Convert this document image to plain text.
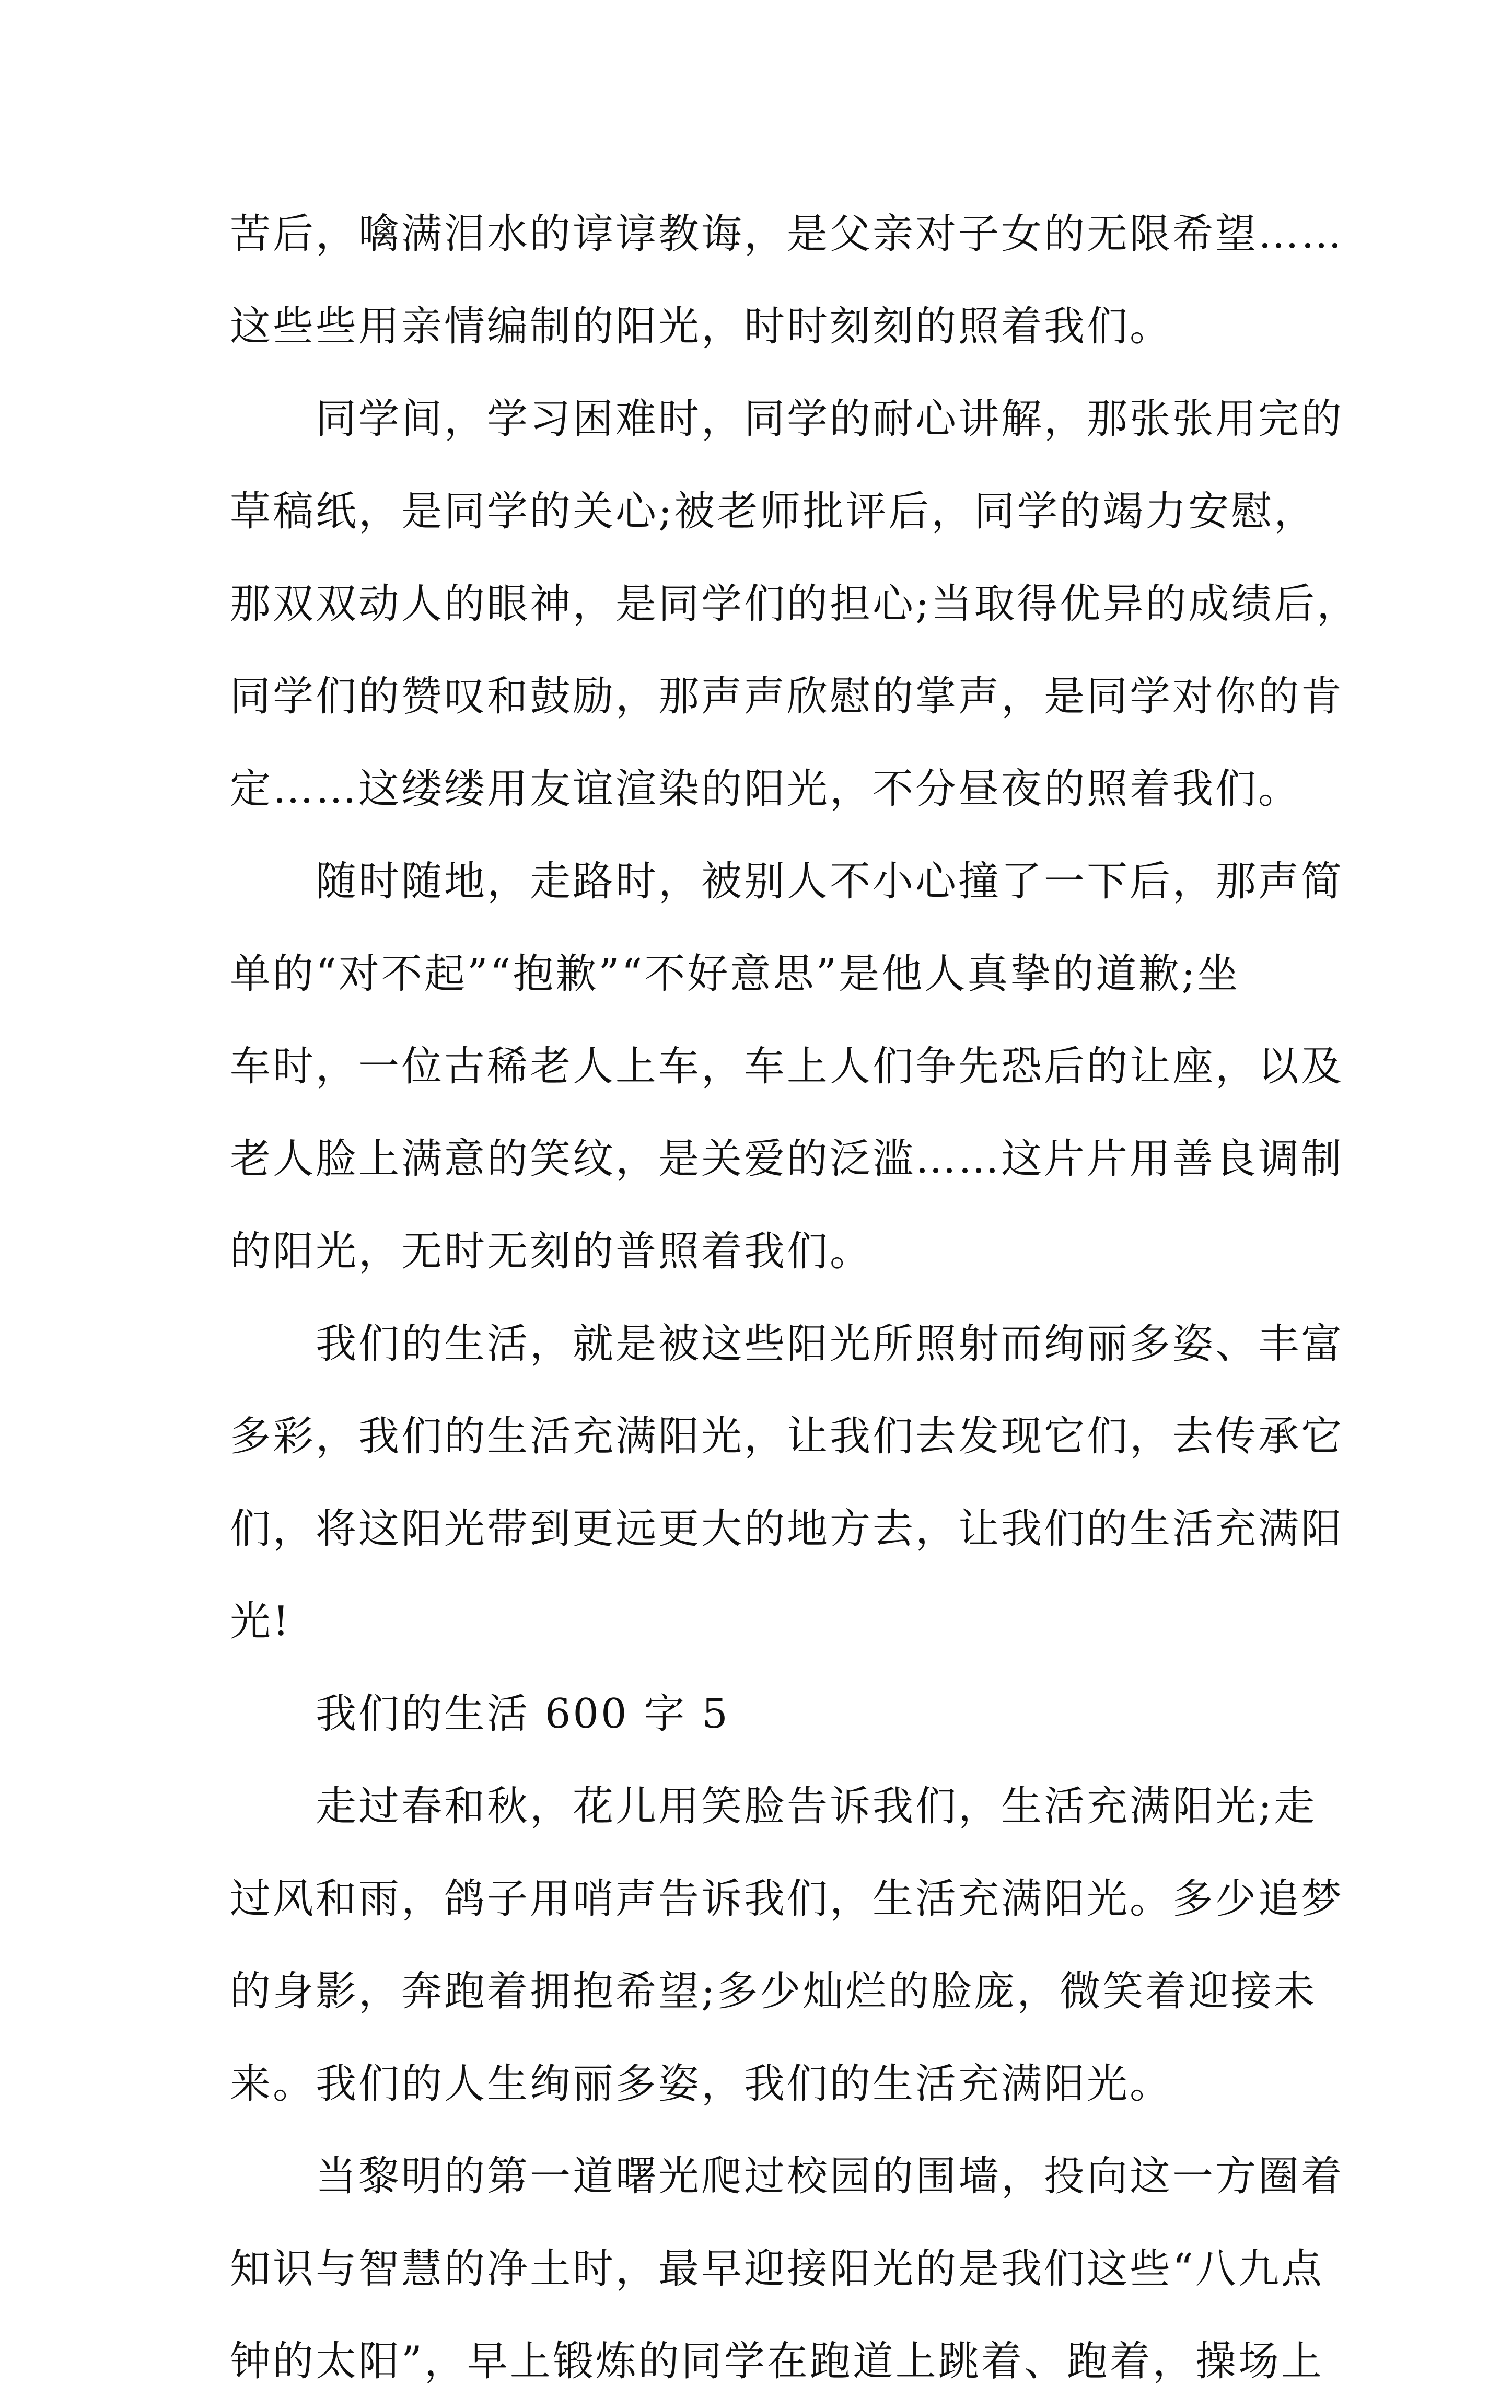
苦后，噙满泪水的谆谆教诲，是父亲对子女的无限希望……
这些些用亲情编制的阳光，时时刻刻的照着我们。
同学间，学习困难时，同学的耐心讲解，那张张用完的
草稿纸，是同学的关心;被老师批评后，同学的竭力安慰，
那双双动人的眼神，是同学们的担心;当取得优异的成绩后，
同学们的赞叹和鼓励，那声声欣慰的掌声，是同学对你的肯
定……这缕缕用友谊渲染的阳光，不分昼夜的照着我们。
随时随地，走路时，被别人不小心撞了一下后，那声简
单的“对不起”“抱歉”“不好意思”是他人真挚的道歉;坐
车时，一位古稀老人上车，车上人们争先恐后的让座，以及
老人脸上满意的笑纹，是关爱的泛滥……这片片用善良调制
的阳光，无时无刻的普照着我们。
我们的生活，就是被这些阳光所照射而绚丽多姿、丰富
多彩，我们的生活充满阳光，让我们去发现它们，去传承它
们，将这阳光带到更远更大的地方去，让我们的生活充满阳
光!
我们的生活 600 字 5
走过春和秋，花儿用笑脸告诉我们，生活充满阳光;走
过风和雨，鸽子用哨声告诉我们，生活充满阳光。多少追梦
的身影，奔跑着拥抱希望;多少灿烂的脸庞，微笑着迎接未
来。我们的人生绚丽多姿，我们的生活充满阳光。
当黎明的第一道曙光爬过校园的围墙，投向这一方圈着
知识与智慧的净土时，最早迎接阳光的是我们这些“八九点
钟的太阳”，早上锻炼的同学在跑道上跳着、跑着，操场上
